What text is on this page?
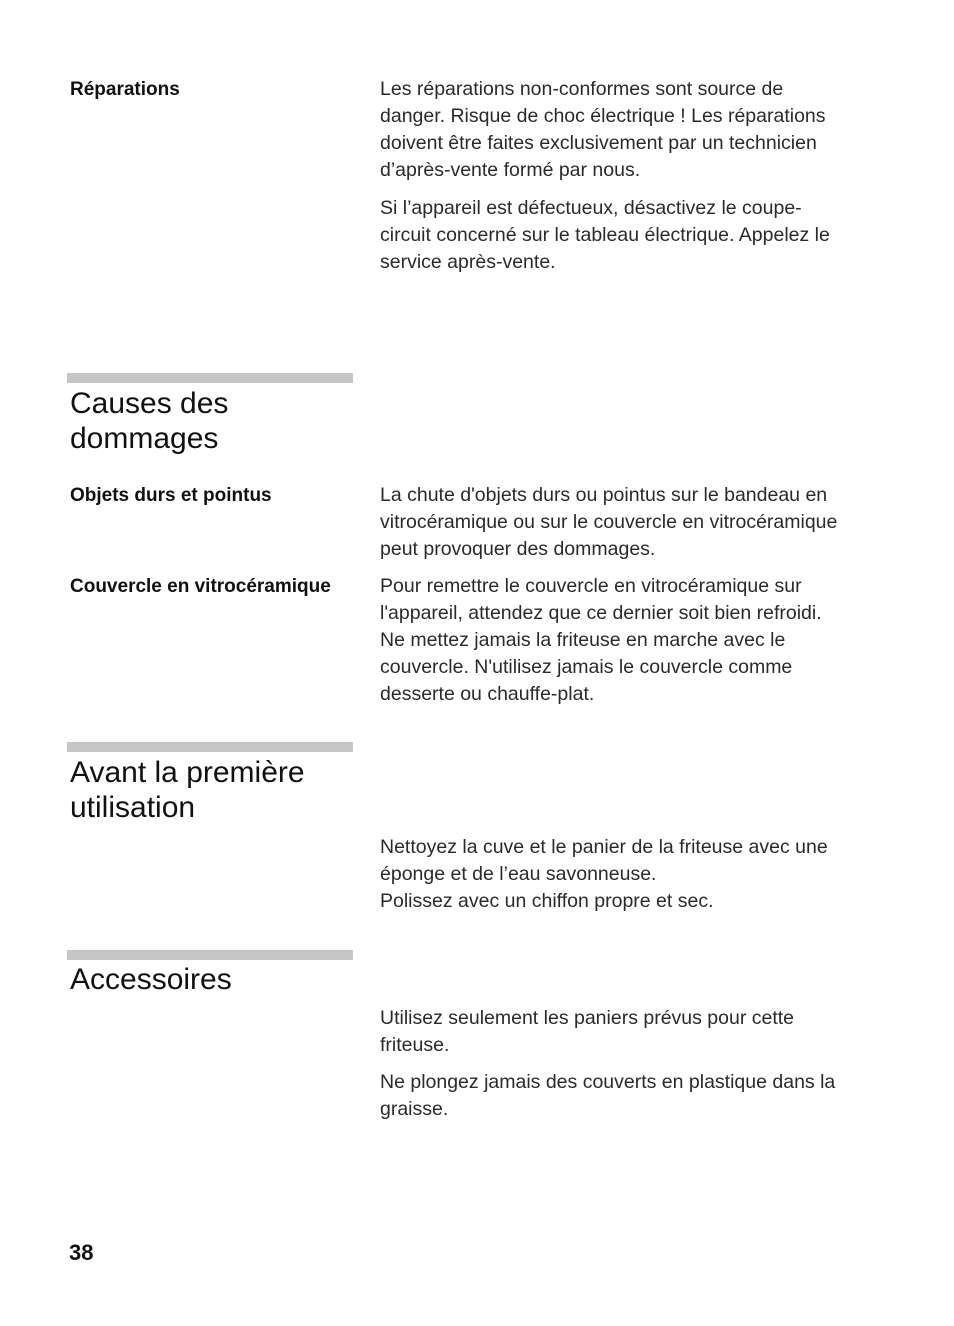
Réparations	Les réparations non-conformes sont source de
danger. Risque de choc électrique ! Les réparations
doivent être faites exclusivement par un technicien
d’après-vente formé par nous.

Si l’appareil est défectueux, désactivez le coupe-
circuit concerné sur le tableau électrique. Appelez le
service après-vente.

Causes des
dommages
Objets durs et pointus	La chute d'objets durs ou pointus sur le bandeau en
vitrocéramique ou sur le couvercle en vitrocéramique
peut provoquer des dommages.

Couvercle en vitrocéramique	Pour remettre le couvercle en vitrocéramique sur
l'appareil, attendez que ce dernier soit bien refroidi.
Ne mettez jamais la friteuse en marche avec le
couvercle. N'utilisez jamais le couvercle comme
desserte ou chauffe-plat.

Avant la première
utilisation

Nettoyez la cuve et le panier de la friteuse avec une
éponge et de l’eau savonneuse.
Polissez avec un chiffon propre et sec.

Accessoires

Utilisez seulement les paniers prévus pour cette
friteuse.

Ne plongez jamais des couverts en plastique dans la
graisse.

38
